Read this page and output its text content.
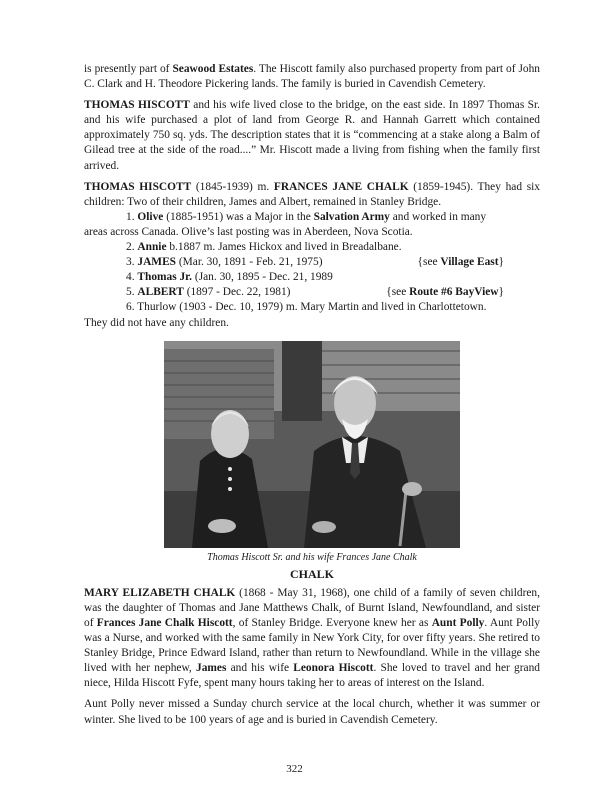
is presently part of Seawood Estates. The Hiscott family also purchased property from part of John C. Clark and H. Theodore Pickering lands. The family is buried in Cavendish Cemetery.

THOMAS HISCOTT and his wife lived close to the bridge, on the east side. In 1897 Thomas Sr. and his wife purchased a plot of land from George R. and Hannah Garrett which contained approximately 750 sq. yds. The description states that it is “commencing at a stake along a Balm of Gilead tree at the side of the road....” Mr. Hiscott made a living from fishing when the family first arrived.

THOMAS HISCOTT (1845-1939) m. FRANCES JANE CHALK (1859-1945). They had six children: Two of their children, James and Albert, remained in Stanley Bridge.

1. Olive (1885-1951) was a Major in the Salvation Army and worked in many
areas across Canada. Olive’s last posting was in Aberdeen, Nova Scotia.
2. Annie b.1887 m. James Hickox and lived in Breadalbane.
3. JAMES (Mar. 30, 1891 - Feb. 21, 1975)	{see Village East}
4. Thomas Jr. (Jan. 30, 1895 - Dec. 21, 1989
5. ALBERT (1897 - Dec. 22, 1981)	{see Route #6 BayView}
6. Thurlow (1903 - Dec. 10, 1979) m. Mary Martin and lived in Charlottetown.
They did not have any children.
Thomas Hiscott Sr. and his wife Frances Jane Chalk
CHALK

MARY ELIZABETH CHALK (1868 - May 31, 1968), one child of a family of seven children, was the daughter of Thomas and Jane Matthews Chalk, of Burnt Island, Newfoundland, and sister of Frances Jane Chalk Hiscott, of Stanley Bridge. Everyone knew her as Aunt Polly. Aunt Polly was a Nurse, and worked with the same family in New York City, for over fifty years. She retired to Stanley Bridge, Prince Edward Island, rather than return to Newfoundland. While in the village she lived with her nephew, James and his wife Leonora Hiscott. She loved to travel and her grand niece, Hilda Hiscott Fyfe, spent many hours taking her to areas of interest on the Island.

Aunt Polly never missed a Sunday church service at the local church, whether it was summer or winter. She lived to be 100 years of age and is buried in Cavendish Cemetery.

322
